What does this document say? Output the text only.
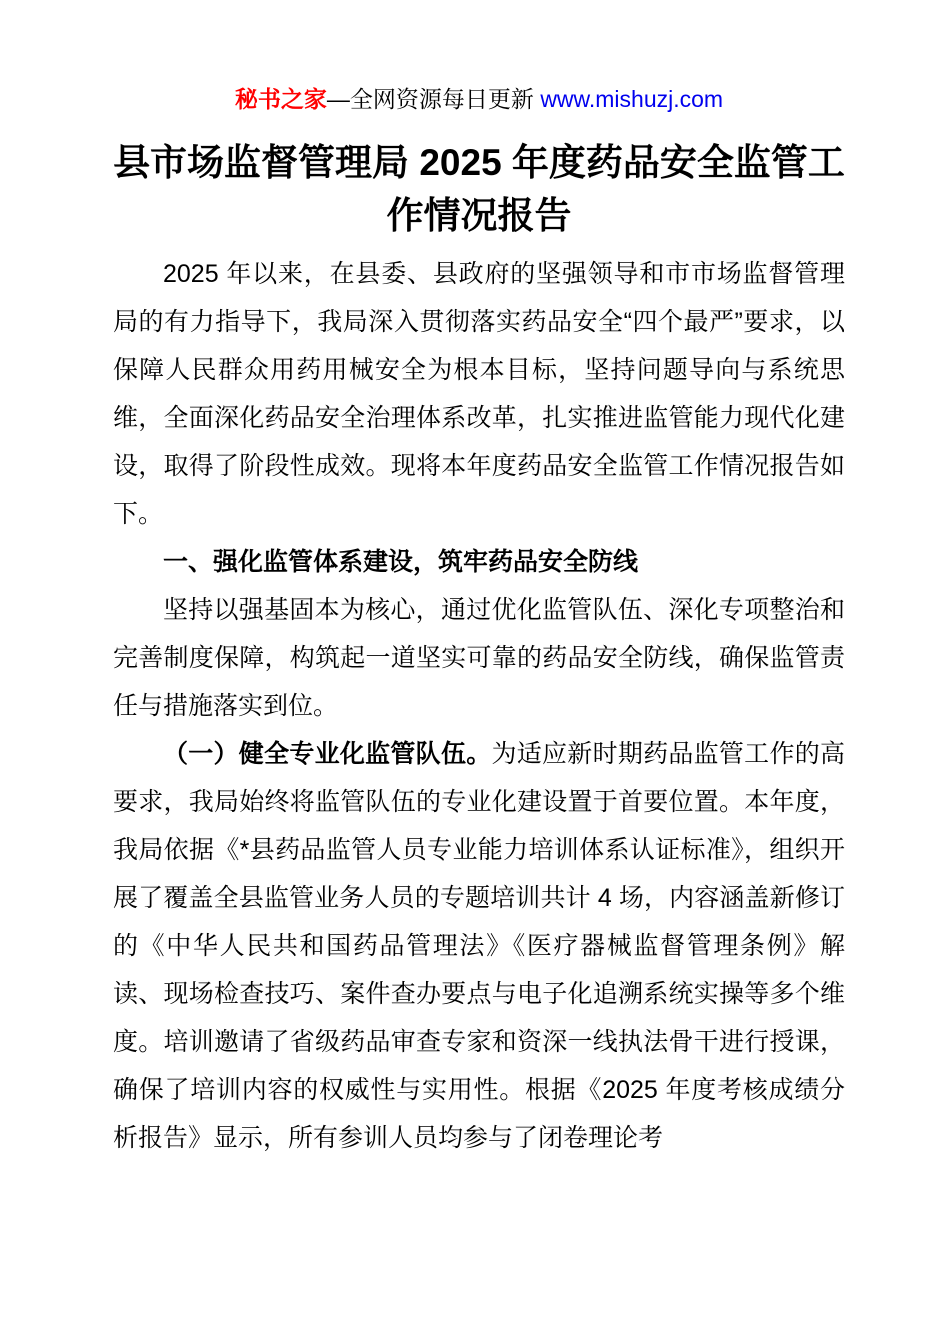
秘书之家—全网资源每日更新 www.mishuzj.com
县市场监督管理局 2025 年度药品安全监管工作情况报告

2025 年以来，在县委、县政府的坚强领导和市市场监督管理局的有力指导下，我局深入贯彻落实药品安全“四个最严”要求，以保障人民群众用药用械安全为根本目标，坚持问题导向与系统思维，全面深化药品安全治理体系改革，扎实推进监管能力现代化建设，取得了阶段性成效。现将本年度药品安全监管工作情况报告如下。

一、强化监管体系建设，筑牢药品安全防线

坚持以强基固本为核心，通过优化监管队伍、深化专项整治和完善制度保障，构筑起一道坚实可靠的药品安全防线，确保监管责任与措施落实到位。

（一）健全专业化监管队伍。为适应新时期药品监管工作的高要求，我局始终将监管队伍的专业化建设置于首要位置。本年度，我局依据《*县药品监管人员专业能力培训体系认证标准》，组织开展了覆盖全县监管业务人员的专题培训共计 4 场，内容涵盖新修订的《中华人民共和国药品管理法》《医疗器械监督管理条例》解读、现场检查技巧、案件查办要点与电子化追溯系统实操等多个维度。培训邀请了省级药品审查专家和资深一线执法骨干进行授课，确保了培训内容的权威性与实用性。根据《2025 年度考核成绩分析报告》显示，所有参训人员均参与了闭卷理论考
